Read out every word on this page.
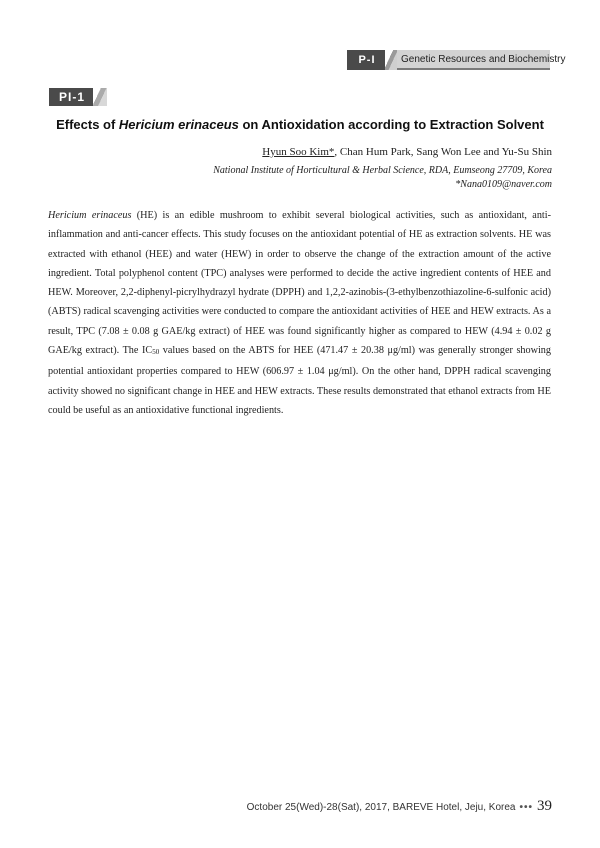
P-I	Genetic Resources and Biochemistry
PI-1
Effects of Hericium erinaceus on Antioxidation according to Extraction Solvent
Hyun Soo Kim*, Chan Hum Park, Sang Won Lee and Yu-Su Shin
National Institute of Horticultural & Herbal Science, RDA, Eumseong 27709, Korea
*Nana0109@naver.com

Hericium erinaceus (HE) is an edible mushroom to exhibit several biological activities, such as antioxidant, anti-inflammation and anti-cancer effects. This study focuses on the antioxidant potential of HE as extraction solvents. HE was extracted with ethanol (HEE) and water (HEW) in order to observe the change of the extraction amount of the active ingredient. Total polyphenol content (TPC) analyses were performed to decide the active ingredient contents of HEE and HEW. Moreover, 2,2-diphenyl-picrylhydrazyl hydrate (DPPH) and 1,2,2-azinobis-(3-ethylbenzothiazoline-6-sulfonic acid) (ABTS) radical scavenging activities were conducted to compare the antioxidant activities of HEE and HEW extracts. As a result, TPC (7.08 ± 0.08 g GAE/kg extract) of HEE was found significantly higher as compared to HEW (4.94 ± 0.02 g GAE/kg extract). The $IC_{50}$ values based on the ABTS for HEE (471.47 ± 20.38 μg/ml) was generally stronger showing potential antioxidant properties compared to HEW (606.97 ± 1.04 μg/ml). On the other hand, DPPH radical scavenging activity showed no significant change in HEE and HEW extracts. These results demonstrated that ethanol extracts from HE could be useful as an antioxidative functional ingredients.

October 25(Wed)-28(Sat), 2017, BAREVE Hotel, Jeju, Korea ••• 39
